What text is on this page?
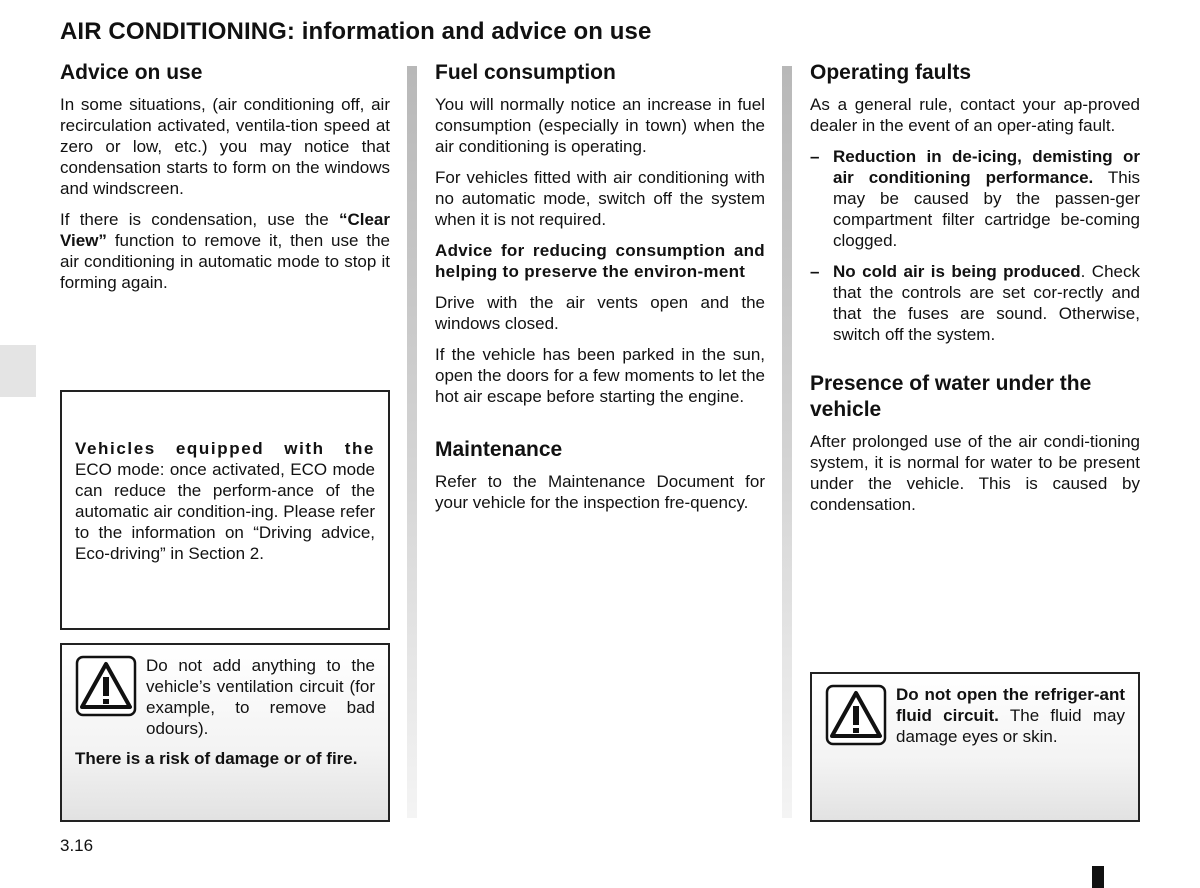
AIR CONDITIONING: information and advice on use
Advice on use

In some situations, (air conditioning off, air recirculation activated, ventila-tion speed at zero or low, etc.) you may notice that condensation starts to form on the windows and windscreen.

If there is condensation, use the “Clear View” function to remove it, then use the air conditioning in automatic mode to stop it forming again.

Vehicles equipped with the ECO mode: once activated, ECO mode can reduce the perform-ance of the automatic air condition-ing. Please refer to the information on “Driving advice, Eco-driving” in Section 2.

Do not add anything to the vehicle’s ventilation circuit (for example, to remove bad odours).

There is a risk of damage or of fire.

Fuel consumption

You will normally notice an increase in fuel consumption (especially in town) when the air conditioning is operating.

For vehicles fitted with air conditioning with no automatic mode, switch off the system when it is not required.

Advice for reducing consumption and helping to preserve the environ-ment

Drive with the air vents open and the windows closed.

If the vehicle has been parked in the sun, open the doors for a few moments to let the hot air escape before starting the engine.

Maintenance

Refer to the Maintenance Document for your vehicle for the inspection fre-quency.

Operating faults

As a general rule, contact your ap-proved dealer in the event of an oper-ating fault.

– Reduction in de-icing, demisting or air conditioning performance. This may be caused by the passen-ger compartment filter cartridge be-coming clogged.
– No cold air is being produced. Check that the controls are set cor-rectly and that the fuses are sound. Otherwise, switch off the system.
Presence of water under the vehicle

After prolonged use of the air condi-tioning system, it is normal for water to be present under the vehicle. This is caused by condensation.

Do not open the refriger-ant fluid circuit. The fluid may damage eyes or skin.

3.16
